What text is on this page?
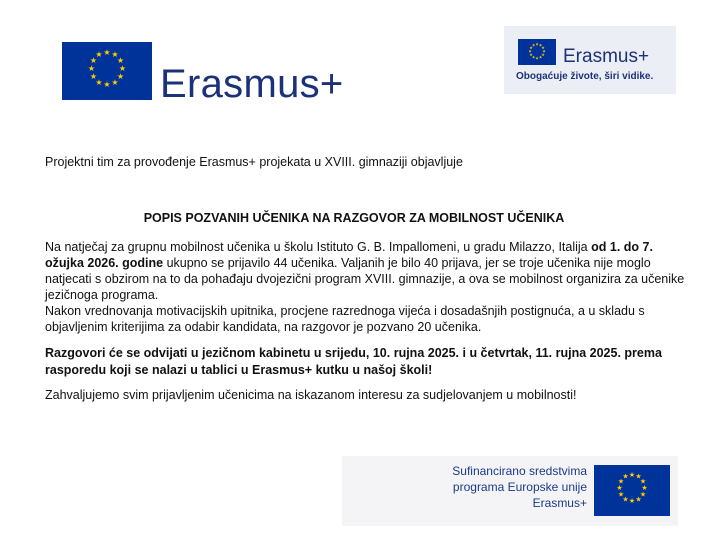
★ ★
★
★
★
★
★
★
★
★
★
★
Erasmus+
★ ★
★
★
★
★
★
★
★
★
★
★
Erasmus+
Obogaćuje živote, širi vidike.
Projektni tim za provođenje Erasmus+ projekata u XVIII. gimnaziji objavljuje
POPIS POZVANIH UČENIKA NA RAZGOVOR ZA MOBILNOST UČENIKA

Na natječaj za grupnu mobilnost učenika u školu Istituto G. B. Impallomeni, u gradu Milazzo, Italija od 1. do 7. ožujka 2026. godine ukupno se prijavilo 44 učenika. Valjanih je bilo 40 prijava, jer se troje učenika nije moglo natjecati s obzirom na to da pohađaju dvojezični program XVIII. gimnazije, a ova se mobilnost organizira za učenike jezičnoga programa.
Nakon vrednovanja motivacijskih upitnika, procjene razrednoga vijeća i dosadašnjih postignuća, a u skladu s objavljenim kriterijima za odabir kandidata, na razgovor je pozvano 20 učenika.

Razgovori će se odvijati u jezičnom kabinetu u srijedu, 10. rujna 2025. i u četvrtak, 11. rujna 2025. prema rasporedu koji se nalazi u tablici u Erasmus+ kutku u našoj školi!

Zahvaljujemo svim prijavljenim učenicima na iskazanom interesu za sudjelovanjem u mobilnosti!

Sufinancirano sredstvima
programa Europske unije
Erasmus+
★ ★
★
★
★
★
★
★
★
★
★
★
